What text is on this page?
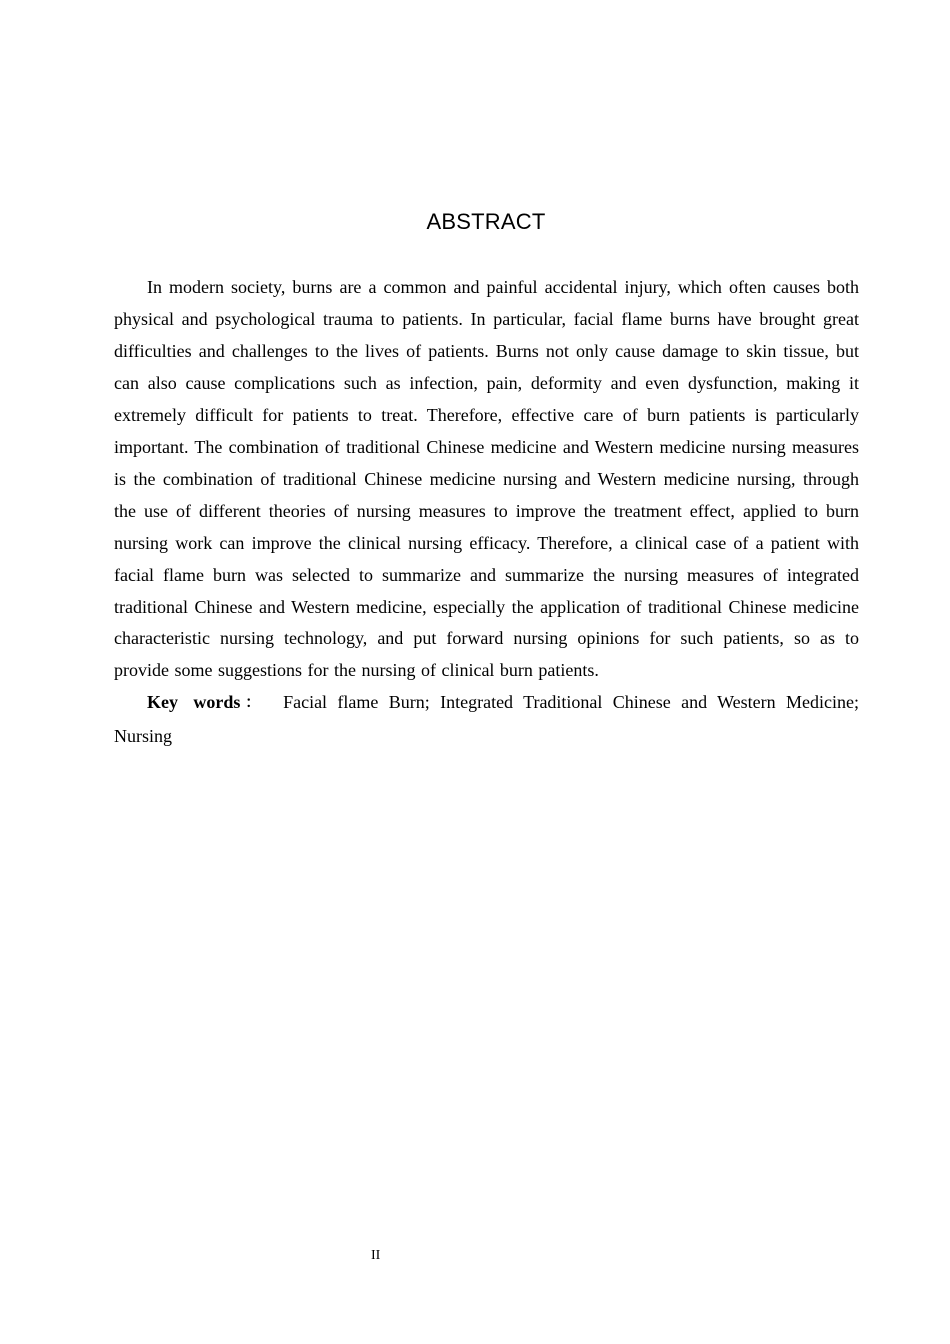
ABSTRACT

In modern society, burns are a common and painful accidental injury, which often causes both physical and psychological trauma to patients. In particular, facial flame burns have brought great difficulties and challenges to the lives of patients. Burns not only cause damage to skin tissue, but can also cause complications such as infection, pain, deformity and even dysfunction, making it extremely difficult for patients to treat. Therefore, effective care of burn patients is particularly important. The combination of traditional Chinese medicine and Western medicine nursing measures is the combination of traditional Chinese medicine nursing and Western medicine nursing, through the use of different theories of nursing measures to improve the treatment effect, applied to burn nursing work can improve the clinical nursing efficacy. Therefore, a clinical case of a patient with facial flame burn was selected to summarize and summarize the nursing measures of integrated traditional Chinese and Western medicine, especially the application of traditional Chinese medicine characteristic nursing technology, and put forward nursing opinions for such patients, so as to provide some suggestions for the nursing of clinical burn patients.

Key words： Facial flame Burn; Integrated Traditional Chinese and Western Medicine; Nursing

II
